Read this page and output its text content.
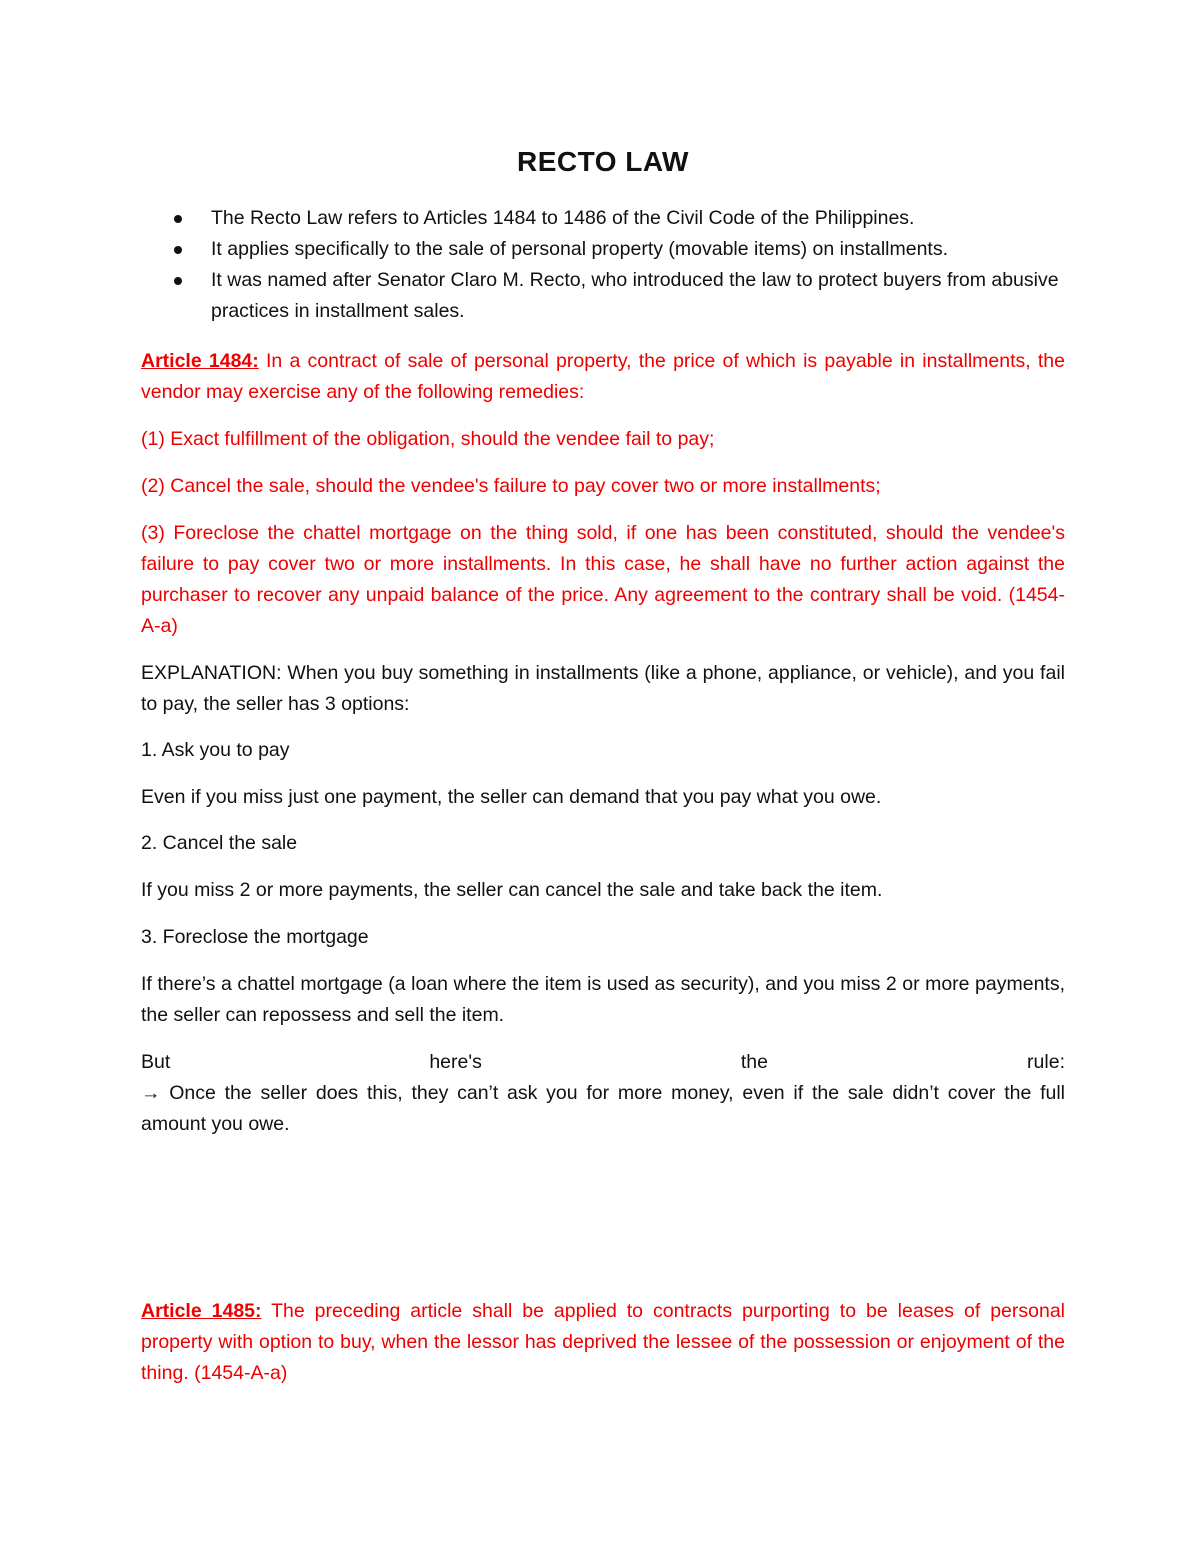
RECTO LAW
The Recto Law refers to Articles 1484 to 1486 of the Civil Code of the Philippines.
It applies specifically to the sale of personal property (movable items) on installments.
It was named after Senator Claro M. Recto, who introduced the law to protect buyers from abusive practices in installment sales.

Article 1484: In a contract of sale of personal property, the price of which is payable in installments, the vendor may exercise any of the following remedies:

(1) Exact fulfillment of the obligation, should the vendee fail to pay;

(2) Cancel the sale, should the vendee's failure to pay cover two or more installments;

(3) Foreclose the chattel mortgage on the thing sold, if one has been constituted, should the vendee's failure to pay cover two or more installments. In this case, he shall have no further action against the purchaser to recover any unpaid balance of the price. Any agreement to the contrary shall be void. (1454-A-a)

EXPLANATION: When you buy something in installments (like a phone, appliance, or vehicle), and you fail to pay, the seller has 3 options:

1. Ask you to pay

Even if you miss just one payment, the seller can demand that you pay what you owe.

2. Cancel the sale

If you miss 2 or more payments, the seller can cancel the sale and take back the item.

3. Foreclose the mortgage

If there’s a chattel mortgage (a loan where the item is used as security), and you miss 2 or more payments, the seller can repossess and sell the item.

But here's the rule:

→ Once the seller does this, they can’t ask you for more money, even if the sale didn’t cover the full amount you owe.

Article 1485: The preceding article shall be applied to contracts purporting to be leases of personal property with option to buy, when the lessor has deprived the lessee of the possession or enjoyment of the thing. (1454-A-a)
